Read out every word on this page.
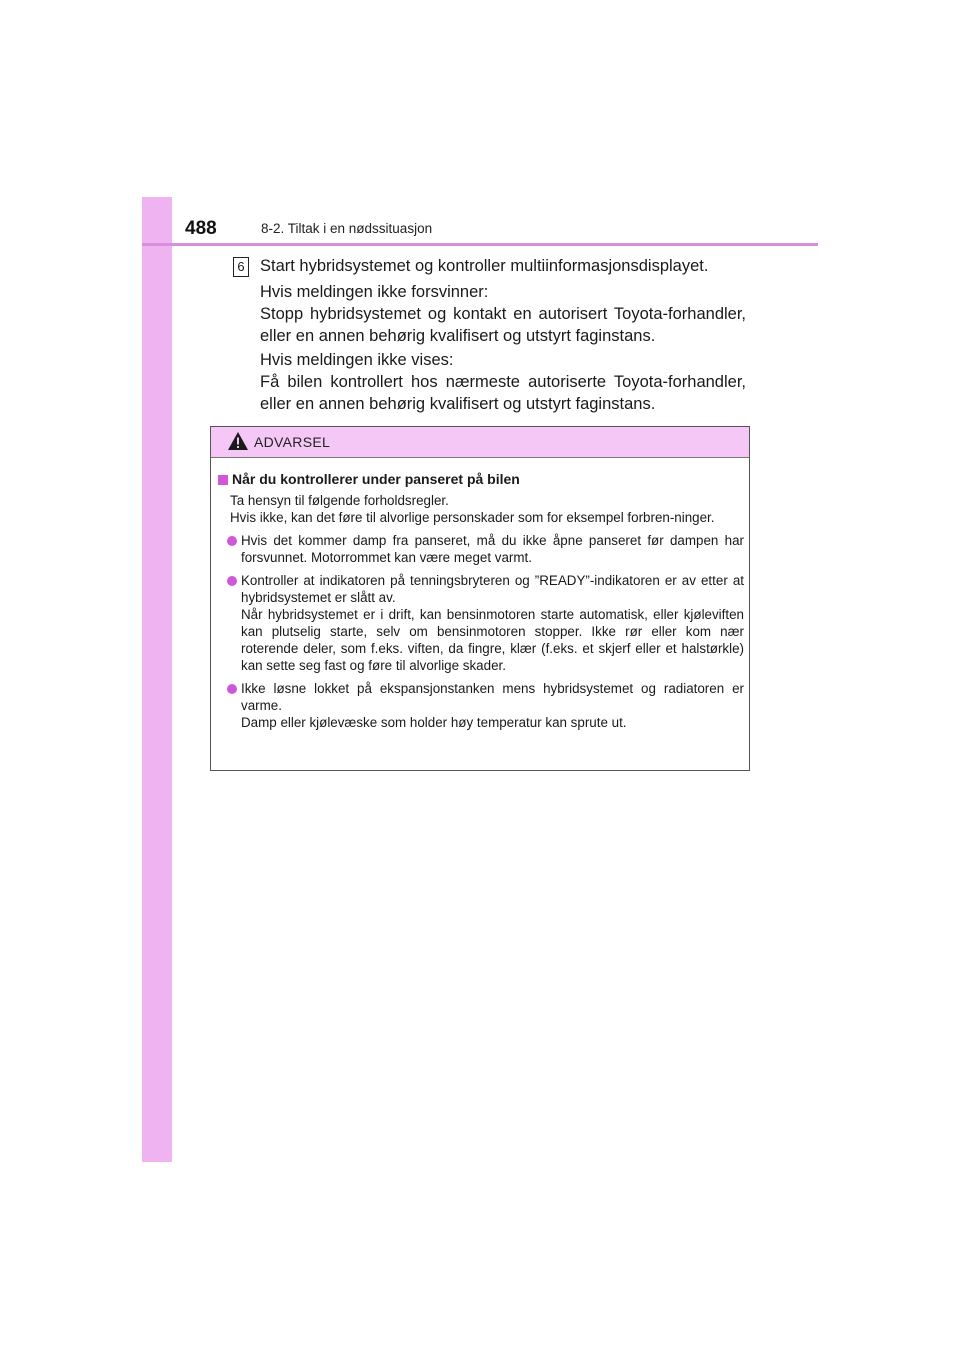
488	8-2. Tiltak i en nødssituasjon
6 Start hybridsystemet og kontroller multiinformasjonsdisplayet.

Hvis meldingen ikke forsvinner:

Stopp hybridsystemet og kontakt en autorisert Toyota-forhandler, eller en annen behørig kvalifisert og utstyrt faginstans.

Hvis meldingen ikke vises:

Få bilen kontrollert hos nærmeste autoriserte Toyota-forhandler, eller en annen behørig kvalifisert og utstyrt faginstans.

ADVARSEL

Når du kontrollerer under panseret på bilen

Ta hensyn til følgende forholdsregler.

Hvis ikke, kan det føre til alvorlige personskader som for eksempel forbren-ninger.

Hvis det kommer damp fra panseret, må du ikke åpne panseret før dampen har forsvunnet. Motorrommet kan være meget varmt.

Kontroller at indikatoren på tenningsbryteren og ”READY”-indikatoren er av etter at hybridsystemet er slått av.

Når hybridsystemet er i drift, kan bensinmotoren starte automatisk, eller kjøleviften kan plutselig starte, selv om bensinmotoren stopper. Ikke rør eller kom nær roterende deler, som f.eks. viften, da fingre, klær (f.eks. et skjerf eller et halstørkle) kan sette seg fast og føre til alvorlige skader.

Ikke løsne lokket på ekspansjonstanken mens hybridsystemet og radiatoren er varme.

Damp eller kjølevæske som holder høy temperatur kan sprute ut.
